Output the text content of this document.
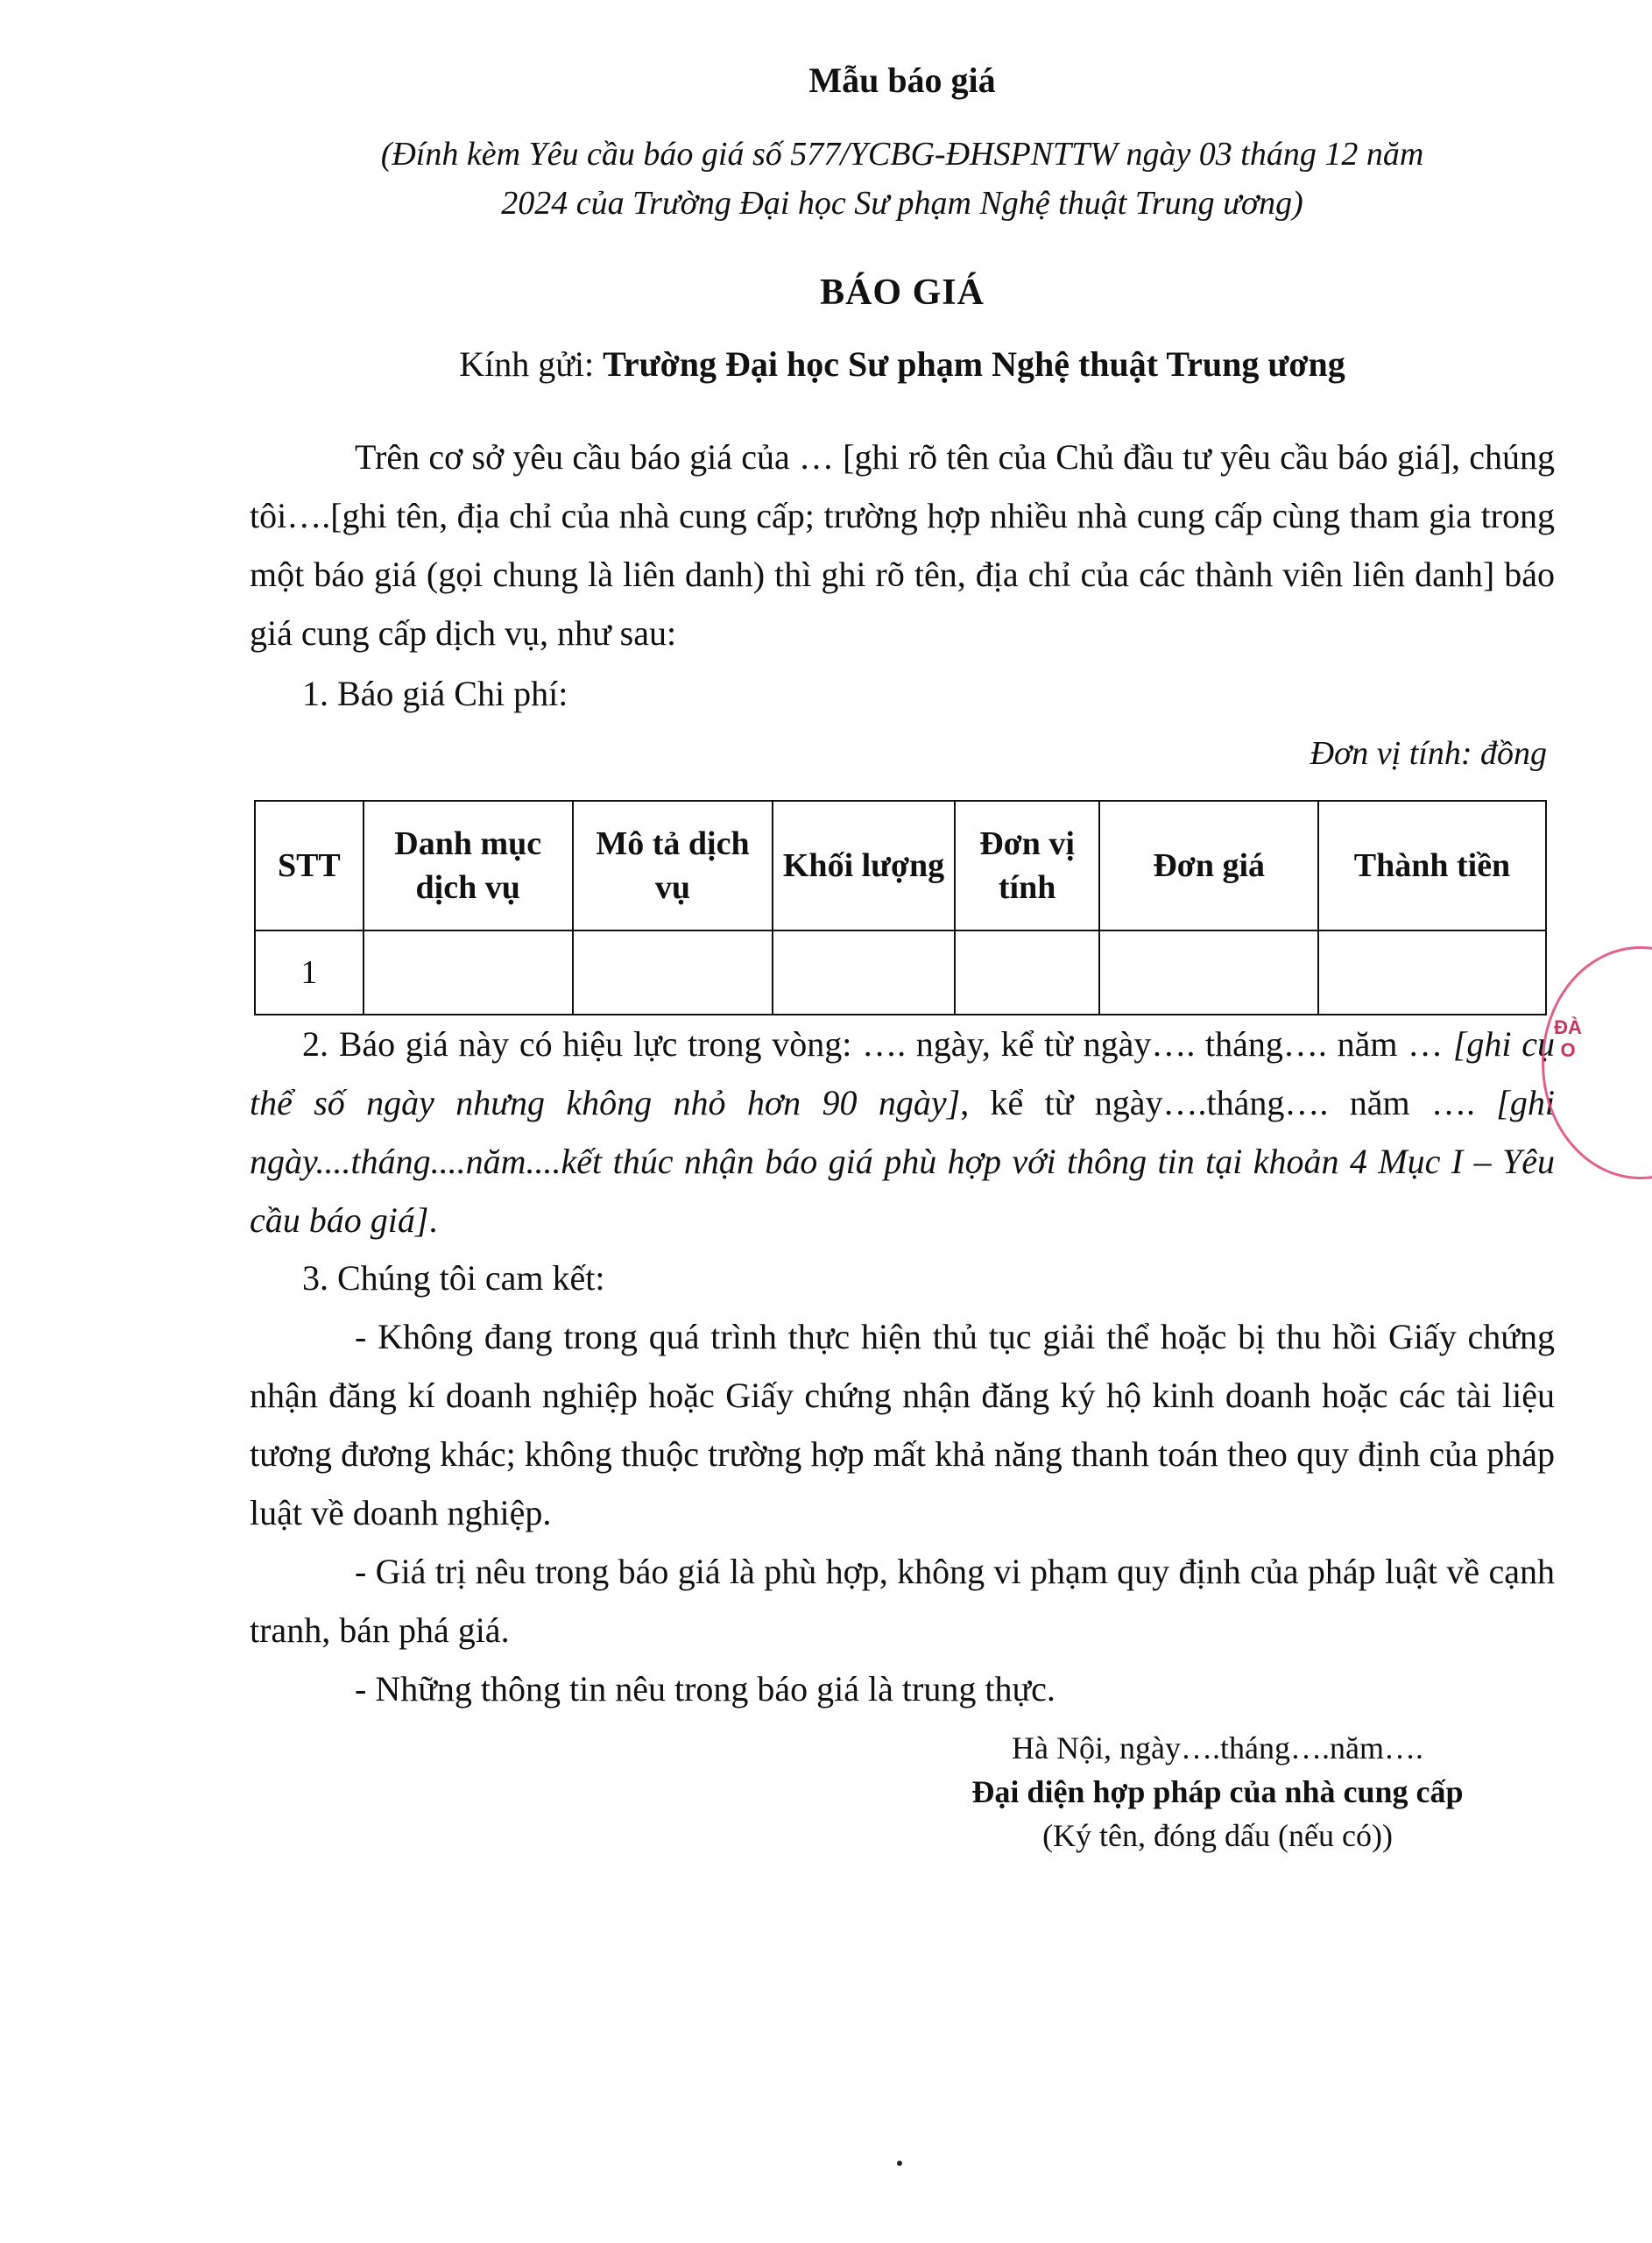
Mẫu báo giá
(Đính kèm Yêu cầu báo giá số 577/YCBG-ĐHSPNTTW ngày 03 tháng 12 năm
2024 của Trường Đại học Sư phạm Nghệ thuật Trung ương)
BÁO GIÁ
Kính gửi: Trường Đại học Sư phạm Nghệ thuật Trung ương

Trên cơ sở yêu cầu báo giá của … [ghi rõ tên của Chủ đầu tư yêu cầu báo giá], chúng tôi….[ghi tên, địa chỉ của nhà cung cấp; trường hợp nhiều nhà cung cấp cùng tham gia trong một báo giá (gọi chung là liên danh) thì ghi rõ tên, địa chỉ của các thành viên liên danh] báo giá cung cấp dịch vụ, như sau:

1. Báo giá Chi phí:

Đơn vị tính: đồng
STT	Danh mục dịch vụ	Mô tả dịch vụ	Khối lượng	Đơn vị tính	Đơn giá	Thành tiền
1						

2. Báo giá này có hiệu lực trong vòng: …. ngày, kể từ ngày…. tháng…. năm … [ghi cụ thể số ngày nhưng không nhỏ hơn 90 ngày], kể từ ngày….tháng…. năm …. [ghi ngày....tháng....năm....kết thúc nhận báo giá phù hợp với thông tin tại khoản 4 Mục I – Yêu cầu báo giá].

3. Chúng tôi cam kết:

- Không đang trong quá trình thực hiện thủ tục giải thể hoặc bị thu hồi Giấy chứng nhận đăng kí doanh nghiệp hoặc Giấy chứng nhận đăng ký hộ kinh doanh hoặc các tài liệu tương đương khác; không thuộc trường hợp mất khả năng thanh toán theo quy định của pháp luật về doanh nghiệp.

- Giá trị nêu trong báo giá là phù hợp, không vi phạm quy định của pháp luật về cạnh tranh, bán phá giá.

- Những thông tin nêu trong báo giá là trung thực.

Hà Nội, ngày….tháng….năm….
Đại diện hợp pháp của nhà cung cấp
(Ký tên, đóng dấu (nếu có))
ĐÀO
